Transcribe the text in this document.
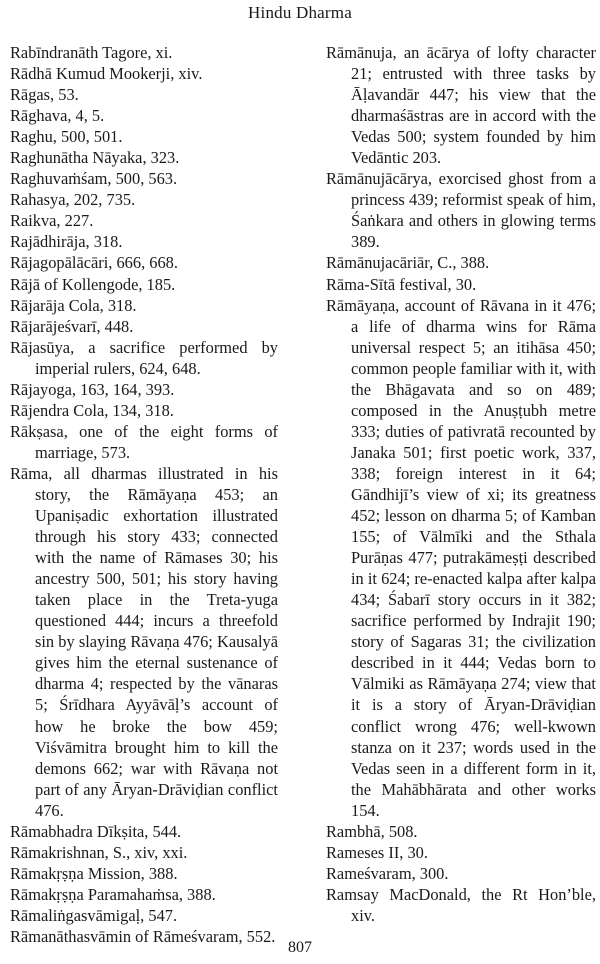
Hindu Dharma
Rabīndranāth Tagore, xi.
Rādhā Kumud Mookerji, xiv.
Rāgas, 53.
Rāghava, 4, 5.
Raghu, 500, 501.
Raghunātha Nāyaka, 323.
Raghuvaṁśam, 500, 563.
Rahasya, 202, 735.
Raikva, 227.
Rajādhirāja, 318.
Rājagopālācāri, 666, 668.
Rājā of Kollengode, 185.
Rājarāja Cola, 318.
Rājarājeśvarī, 448.
Rājasūya, a sacrifice performed by imperial rulers, 624, 648.
Rājayoga, 163, 164, 393.
Rājendra Cola, 134, 318.
Rākṣasa, one of the eight forms of marriage, 573.
Rāma, all dharmas illustrated in his story, the Rāmāyaṇa 453; an Upaniṣadic exhortation illustrated through his story 433; connected with the name of Rāmases 30; his ancestry 500, 501; his story having taken place in the Treta-yuga questioned 444; incurs a threefold sin by slaying Rāvaṇa 476; Kausalyā gives him the eternal sustenance of dharma 4; respected by the vānaras 5; Śrīdhara Ayyāvāḷ’s account of how he broke the bow 459; Viśvāmitra brought him to kill the demons 662; war with Rāvaṇa not part of any Āryan-Drāviḍian conflict 476.
Rāmabhadra Dīkṣita, 544.
Rāmakrishnan, S., xiv, xxi.
Rāmakṛṣṇa Mission, 388.
Rāmakṛṣṇa Paramahaṁsa, 388.
Rāmaliṅgasvāmigaḷ, 547.
Rāmanāthasvāmin of Rāmeśvaram, 552.
Rāmānuja, an ācārya of lofty character 21; entrusted with three tasks by Āḷavandār 447; his view that the dharmaśāstras are in accord with the Vedas 500; system founded by him Vedāntic 203.
Rāmānujācārya, exorcised ghost from a princess 439; reformist speak of him, Śaṅkara and others in glowing terms 389.
Rāmānujacāriār, C., 388.
Rāma-Sītā festival, 30.
Rāmāyaṇa, account of Rāvana in it 476; a life of dharma wins for Rāma universal respect 5; an itihāsa 450; common people familiar with it, with the Bhāgavata and so on 489; composed in the Anuṣṭubh metre 333; duties of pativratā recounted by Janaka 501; first poetic work, 337, 338; foreign interest in it 64; Gāndhijī’s view of xi; its greatness 452; lesson on dharma 5; of Kamban 155; of Vālmīki and the Sthala Purāṇas 477; putrakāmeṣṭi described in it 624; re-enacted kalpa after kalpa 434; Śabarī story occurs in it 382; sacrifice performed by Indrajit 190; story of Sagaras 31; the civilization described in it 444; Vedas born to Vālmiki as Rāmāyaṇa 274; view that it is a story of Āryan-Drāviḍian conflict wrong 476; well-kwown stanza on it 237; words used in the Vedas seen in a different form in it, the Mahābhārata and other works 154.
Rambhā, 508.
Rameses II, 30.
Rameśvaram, 300.
Ramsay MacDonald, the Rt Hon’ble, xiv.
807
